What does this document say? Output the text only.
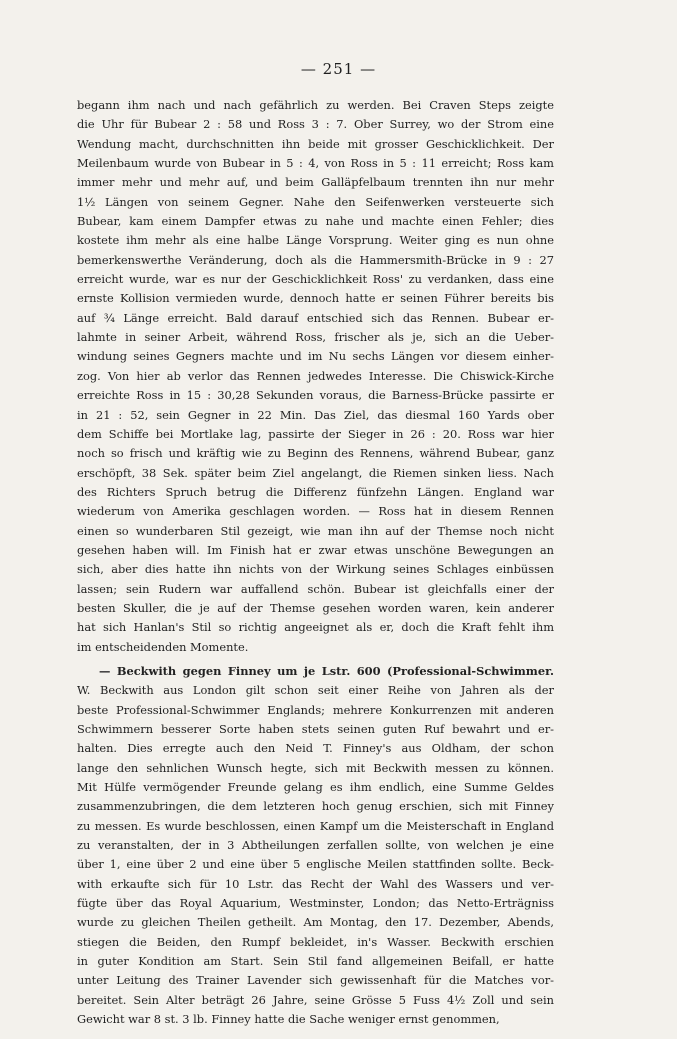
— 251 —
begann ihm nach und nach gefährlich zu werden. Bei Craven Steps zeigte
die Uhr für Bubear 2 : 58 und Ross 3 : 7. Ober Surrey, wo der Strom eine
Wendung macht, durchschnitten ihn beide mit grosser Geschicklichkeit. Der
Meilenbaum wurde von Bubear in 5 : 4, von Ross in 5 : 11 erreicht; Ross kam
immer mehr und mehr auf, und beim Galläpfelbaum trennten ihn nur mehr
1½ Längen von seinem Gegner. Nahe den Seifenwerken versteuerte sich
Bubear, kam einem Dampfer etwas zu nahe und machte einen Fehler; dies
kostete ihm mehr als eine halbe Länge Vorsprung. Weiter ging es nun ohne
bemerkenswerthe Veränderung, doch als die Hammersmith-Brücke in 9 : 27
erreicht wurde, war es nur der Geschicklichkeit Ross' zu verdanken, dass eine
ernste Kollision vermieden wurde, dennoch hatte er seinen Führer bereits bis
auf ¾ Länge erreicht. Bald darauf entschied sich das Rennen. Bubear er-
lahmte in seiner Arbeit, während Ross, frischer als je, sich an die Ueber-
windung seines Gegners machte und im Nu sechs Längen vor diesem einher-
zog. Von hier ab verlor das Rennen jedwedes Interesse. Die Chiswick-Kirche
erreichte Ross in 15 : 30,28 Sekunden voraus, die Barness-Brücke passirte er
in 21 : 52, sein Gegner in 22 Min. Das Ziel, das diesmal 160 Yards ober
dem Schiffe bei Mortlake lag, passirte der Sieger in 26 : 20. Ross war hier
noch so frisch und kräftig wie zu Beginn des Rennens, während Bubear, ganz
erschöpft, 38 Sek. später beim Ziel angelangt, die Riemen sinken liess. Nach
des Richters Spruch betrug die Differenz fünfzehn Längen. England war
wiederum von Amerika geschlagen worden. — Ross hat in diesem Rennen
einen so wunderbaren Stil gezeigt, wie man ihn auf der Themse noch nicht
gesehen haben will. Im Finish hat er zwar etwas unschöne Bewegungen an
sich, aber dies hatte ihn nichts von der Wirkung seines Schlages einbüssen
lassen; sein Rudern war auffallend schön. Bubear ist gleichfalls einer der
besten Skuller, die je auf der Themse gesehen worden waren, kein anderer
hat sich Hanlan's Stil so richtig angeeignet als er, doch die Kraft fehlt ihm
im entscheidenden Momente.
— Beckwith gegen Finney um je Lstr. 600 (Professional-Schwimmer.
W. Beckwith aus London gilt schon seit einer Reihe von Jahren als der
beste Professional-Schwimmer Englands; mehrere Konkurrenzen mit anderen
Schwimmern besserer Sorte haben stets seinen guten Ruf bewahrt und er-
halten. Dies erregte auch den Neid T. Finney's aus Oldham, der schon
lange den sehnlichen Wunsch hegte, sich mit Beckwith messen zu können.
Mit Hülfe vermögender Freunde gelang es ihm endlich, eine Summe Geldes
zusammenzubringen, die dem letzteren hoch genug erschien, sich mit Finney
zu messen. Es wurde beschlossen, einen Kampf um die Meisterschaft in England
zu veranstalten, der in 3 Abtheilungen zerfallen sollte, von welchen je eine
über 1, eine über 2 und eine über 5 englische Meilen stattfinden sollte. Beck-
with erkaufte sich für 10 Lstr. das Recht der Wahl des Wassers und ver-
fügte über das Royal Aquarium, Westminster, London; das Netto-Erträgniss
wurde zu gleichen Theilen getheilt. Am Montag, den 17. Dezember, Abends,
stiegen die Beiden, den Rumpf bekleidet, in's Wasser. Beckwith erschien
in guter Kondition am Start. Sein Stil fand allgemeinen Beifall, er hatte
unter Leitung des Trainer Lavender sich gewissenhaft für die Matches vor-
bereitet. Sein Alter beträgt 26 Jahre, seine Grösse 5 Fuss 4½ Zoll und sein
Gewicht war 8 st. 3 lb. Finney hatte die Sache weniger ernst genommen,
